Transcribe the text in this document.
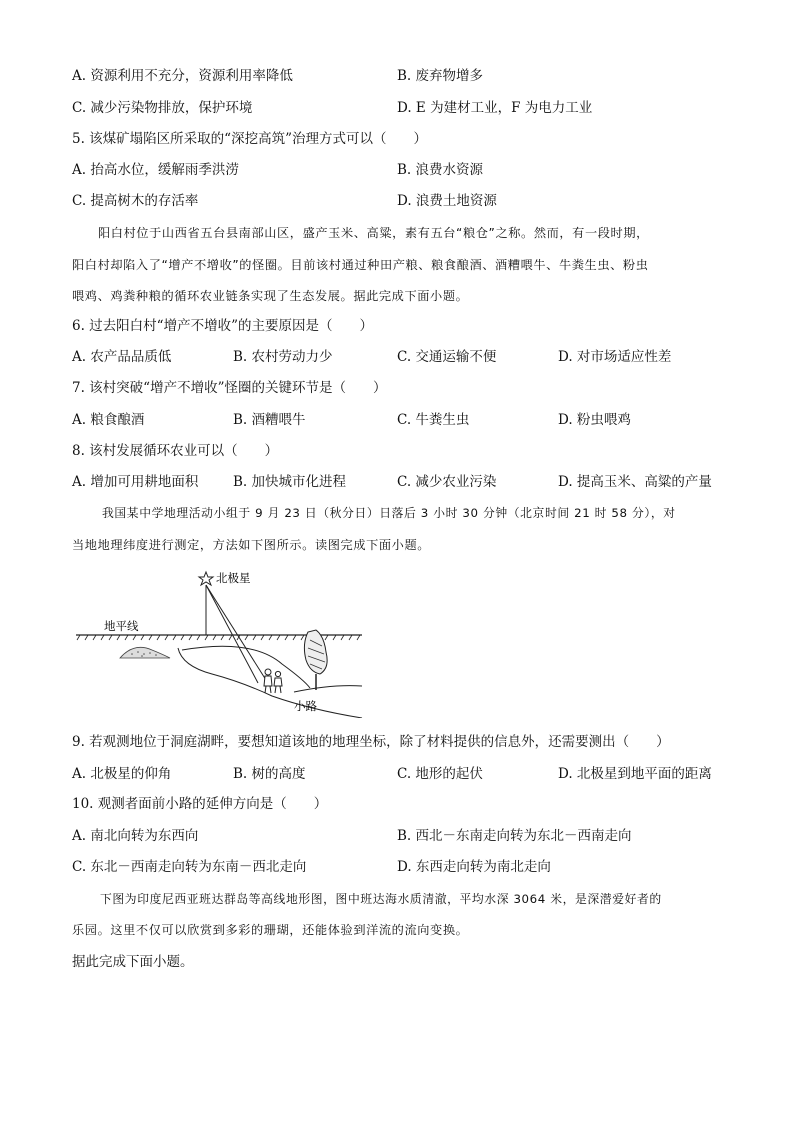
A. 资源利用不充分，资源利用率降低	B. 废弃物增多
C. 减少污染物排放，保护环境	D. E 为建材工业，F 为电力工业
5. 该煤矿塌陷区所采取的“深挖高筑”治理方式可以（　　）
A. 抬高水位，缓解雨季洪涝	B. 浪费水资源
C. 提高树木的存活率	D. 浪费土地资源
阳白村位于山西省五台县南部山区，盛产玉米、高粱，素有五台“粮仓”之称。然而，有一段时期，
阳白村却陷入了“增产不增收”的怪圈。目前该村通过种田产粮、粮食酿酒、酒糟喂牛、牛粪生虫、粉虫
喂鸡、鸡粪种粮的循环农业链条实现了生态发展。据此完成下面小题。
6. 过去阳白村“增产不增收”的主要原因是（　　）
A. 农产品品质低	B. 农村劳动力少	C. 交通运输不便	D. 对市场适应性差
7. 该村突破“增产不增收”怪圈的关键环节是（　　）
A. 粮食酿酒	B. 酒糟喂牛	C. 牛粪生虫	D. 粉虫喂鸡
8. 该村发展循环农业可以（　　）
A. 增加可用耕地面积	B. 加快城市化进程	C. 减少农业污染	D. 提高玉米、高粱的产量
我国某中学地理活动小组于 9 月 23 日（秋分日）日落后 3 小时 30 分钟（北京时间 21 时 58 分），对
当地地理纬度进行测定，方法如下图所示。读图完成下面小题。
北极星
地平线
小路
9. 若观测地位于洞庭湖畔，要想知道该地的地理坐标，除了材料提供的信息外，还需要测出（　　）
A. 北极星的仰角	B. 树的高度	C. 地形的起伏	D. 北极星到地平面的距离
10. 观测者面前小路的延伸方向是（　　）
A. 南北向转为东西向	B. 西北－东南走向转为东北－西南走向
C. 东北－西南走向转为东南－西北走向	D. 东西走向转为南北走向
下图为印度尼西亚班达群岛等高线地形图，图中班达海水质清澈，平均水深 3064 米，是深潜爱好者的
乐园。这里不仅可以欣赏到多彩的珊瑚，还能体验到洋流的流向变换。
据此完成下面小题。
